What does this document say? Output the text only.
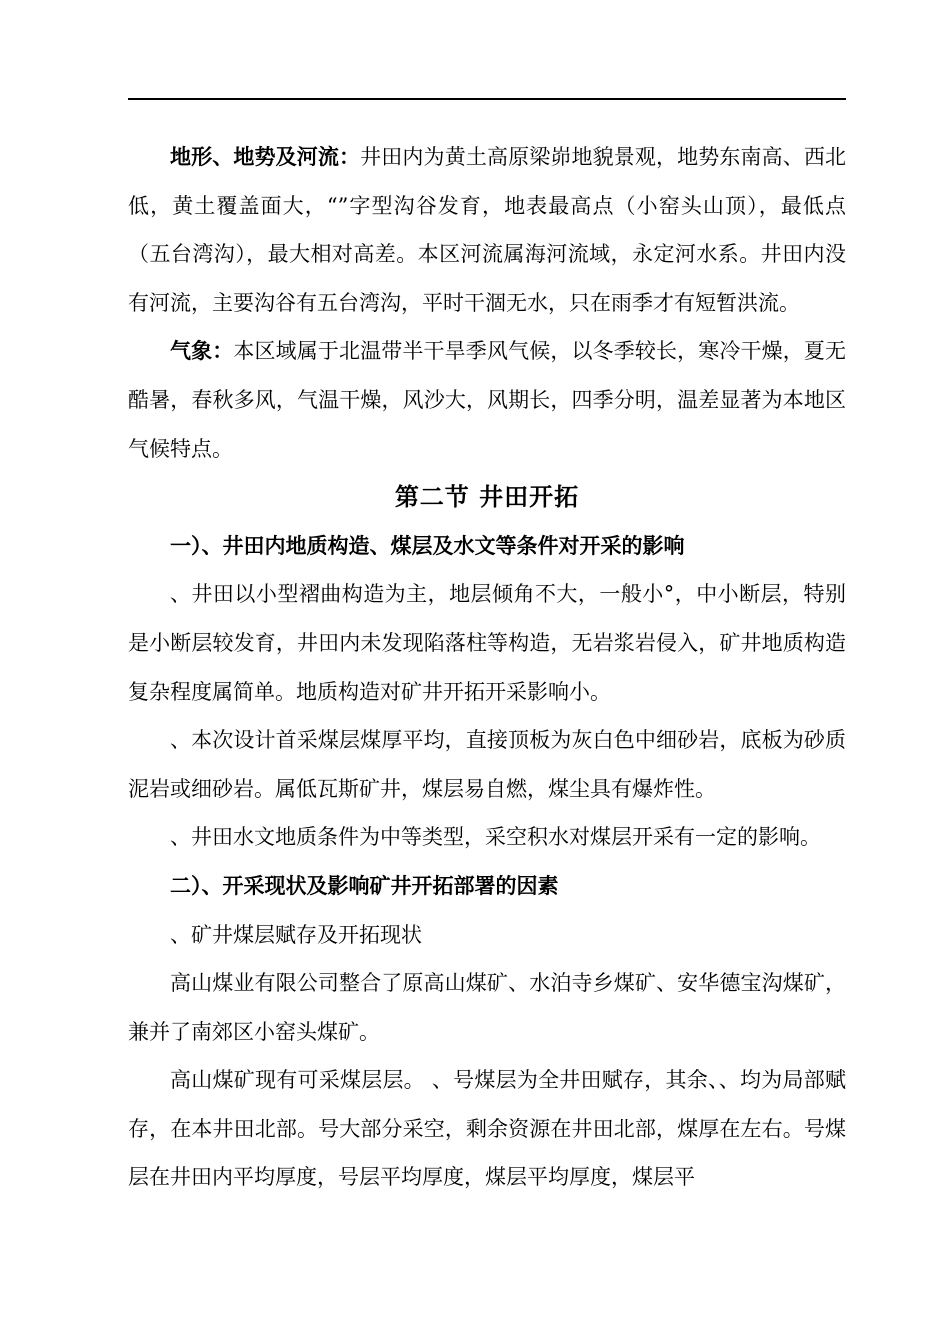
地形、地势及河流：井田内为黄土高原梁峁地貌景观，地势东南高、西北低，黄土覆盖面大，“”字型沟谷发育，地表最高点（小窑头山顶），最低点（五台湾沟），最大相对高差。本区河流属海河流域，永定河水系。井田内没有河流，主要沟谷有五台湾沟，平时干涸无水，只在雨季才有短暂洪流。

气象：本区域属于北温带半干旱季风气候，以冬季较长，寒冷干燥，夏无酷暑，春秋多风，气温干燥，风沙大，风期长，四季分明，温差显著为本地区气候特点。

第二节 井田开拓
一）、井田内地质构造、煤层及水文等条件对开采的影响

、井田以小型褶曲构造为主，地层倾角不大，一般小°，中小断层，特别是小断层较发育，井田内未发现陷落柱等构造，无岩浆岩侵入，矿井地质构造复杂程度属简单。地质构造对矿井开拓开采影响小。

、本次设计首采煤层煤厚平均，直接顶板为灰白色中细砂岩，底板为砂质泥岩或细砂岩。属低瓦斯矿井，煤层易自燃，煤尘具有爆炸性。

、井田水文地质条件为中等类型，采空积水对煤层开采有一定的影响。

二）、开采现状及影响矿井开拓部署的因素

、矿井煤层赋存及开拓现状

高山煤业有限公司整合了原高山煤矿、水泊寺乡煤矿、安华德宝沟煤矿，兼并了南郊区小窑头煤矿。

高山煤矿现有可采煤层层。 、号煤层为全井田赋存，其余、、均为局部赋存，在本井田北部。号大部分采空，剩余资源在井田北部，煤厚在左右。号煤层在井田内平均厚度，号层平均厚度，煤层平均厚度，煤层平
